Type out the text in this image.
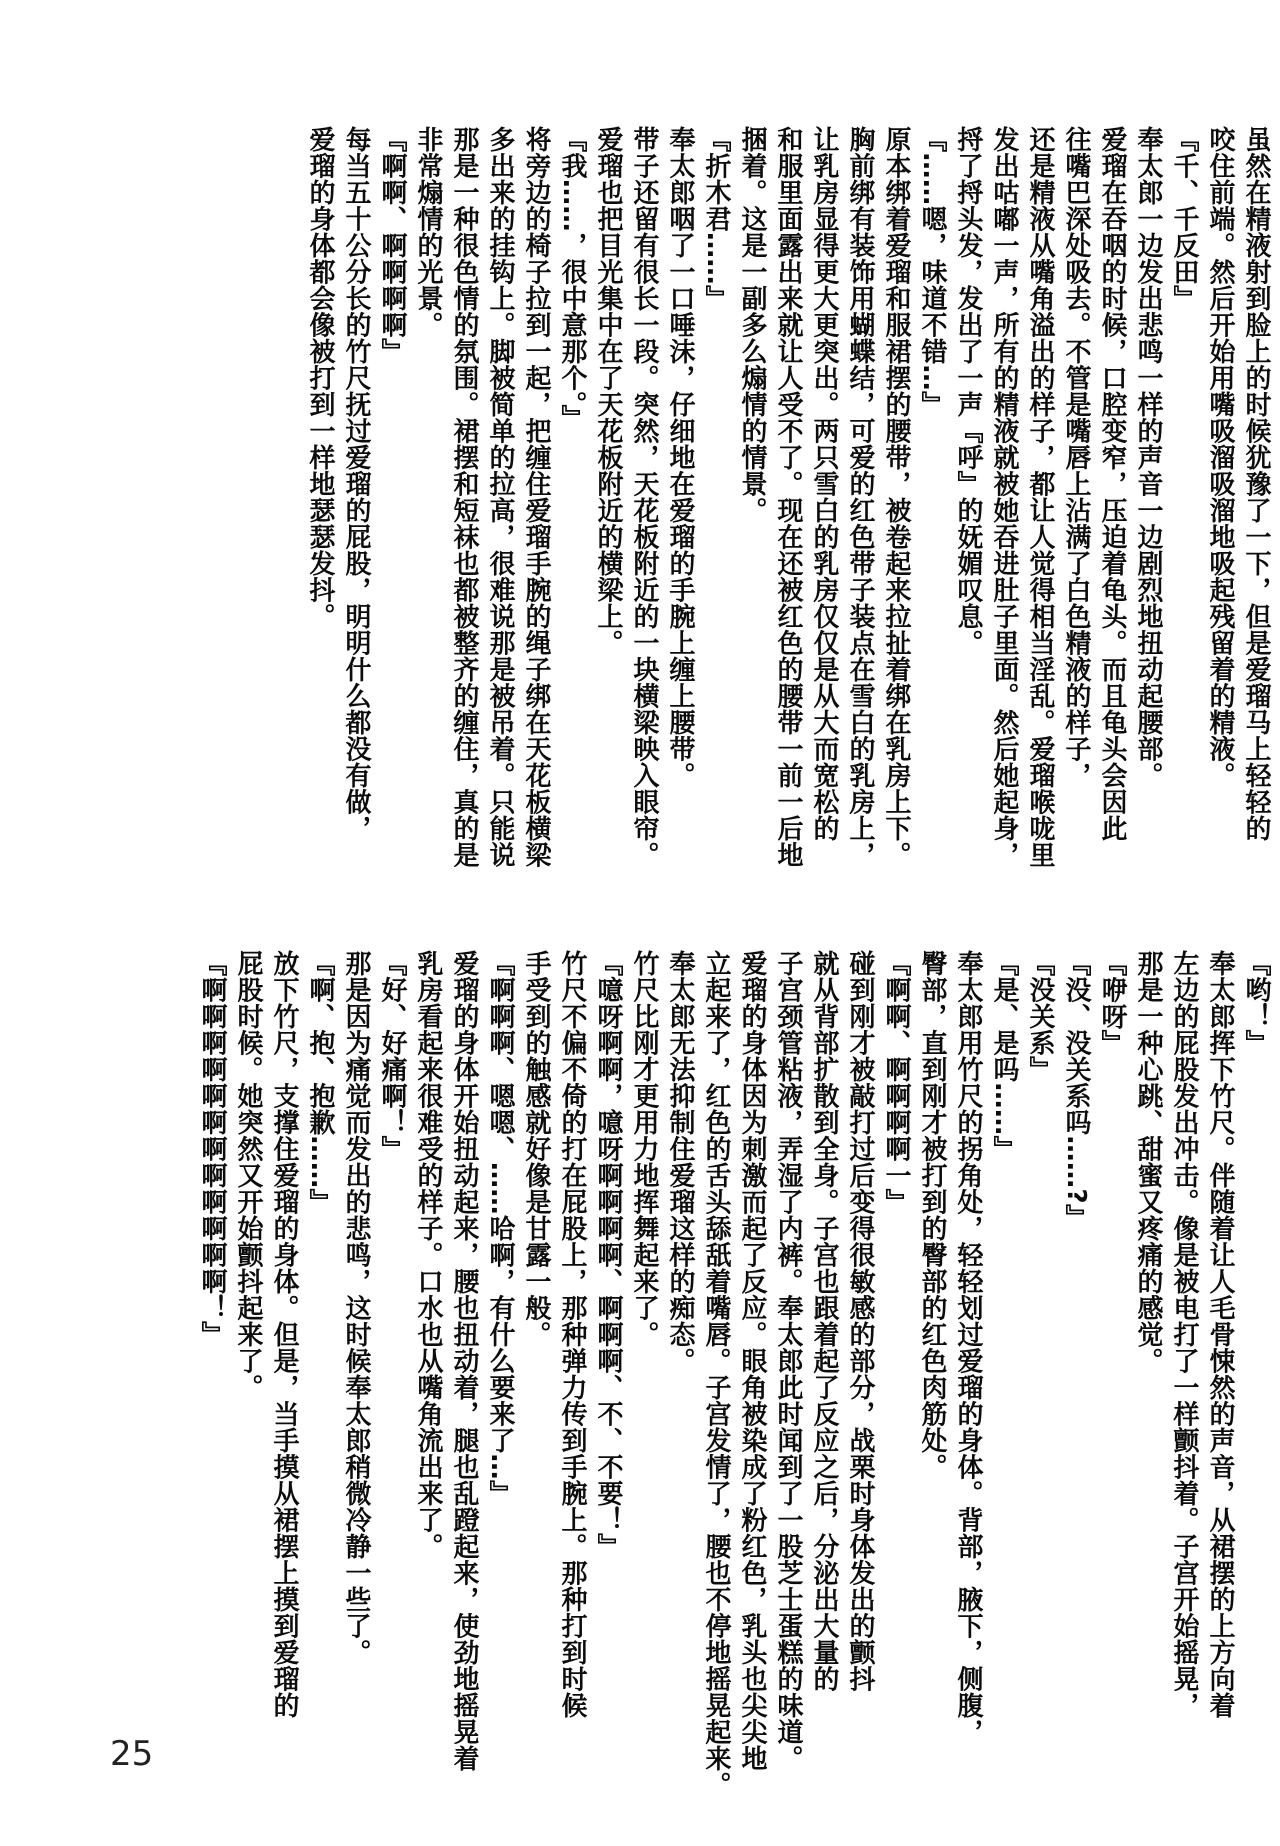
虽然在精液射到脸上的时候犹豫了一下，但是爱瑠马上轻轻的
咬住前端。然后开始用嘴吸溜吸溜地吸起残留着的精液。
『千、千反田』
奉太郎一边发出悲鸣一样的声音一边剧烈地扭动起腰部。
爱瑠在吞咽的时候，口腔变窄，压迫着龟头。而且龟头会因此
往嘴巴深处吸去。不管是嘴唇上沾满了白色精液的样子，
还是精液从嘴角溢出的样子，都让人觉得相当淫乱。爱瑠喉咙里
发出咕嘟一声，所有的精液就被她吞进肚子里面。然后她起身，
捋了捋头发，发出了一声『呼』的妩媚叹息。
『……嗯，味道不错…』
原本绑着爱瑠和服裙摆的腰带，被卷起来拉扯着绑在乳房上下。
胸前绑有装饰用蝴蝶结，可爱的红色带子装点在雪白的乳房上，
让乳房显得更大更突出。两只雪白的乳房仅仅是从大而宽松的
和服里面露出来就让人受不了。现在还被红色的腰带一前一后地
捆着。这是一副多么煽情的情景。
『折木君……』
奉太郎咽了一口唾沫，仔细地在爱瑠的手腕上缠上腰带。
带子还留有很长一段。突然，天花板附近的一块横梁映入眼帘。
爱瑠也把目光集中在了天花板附近的横梁上。
『我……，很中意那个。』
将旁边的椅子拉到一起，把缠住爱瑠手腕的绳子绑在天花板横梁
多出来的挂钩上。脚被简单的拉高，很难说那是被吊着。只能说
那是一种很色情的氛围。裙摆和短袜也都被整齐的缠住，真的是
非常煽情的光景。
『啊啊、啊啊啊啊』
每当五十公分长的竹尺抚过爱瑠的屁股，明明什么都没有做，
爱瑠的身体都会像被打到一样地瑟瑟发抖。
『哟！』
奉太郎挥下竹尺。伴随着让人毛骨悚然的声音，从裙摆的上方向着
左边的屁股发出冲击。像是被电打了一样颤抖着。子宫开始摇晃，
那是一种心跳、甜蜜又疼痛的感觉。
『咿呀』
『没、没关系吗……?』
『没关系』
『是、是吗……』
奉太郎用竹尺的拐角处，轻轻划过爱瑠的身体。背部，腋下，侧腹，
臀部，直到刚才被打到的臀部的红色肉筋处。
『啊啊、啊啊啊啊一』
碰到刚才被敲打过后变得很敏感的部分，战栗时身体发出的颤抖
就从背部扩散到全身。子宫也跟着起了反应之后，分泌出大量的
子宫颈管粘液，弄湿了内裤。奉太郎此时闻到了一股芝士蛋糕的味道。
爱瑠的身体因为刺激而起了反应。眼角被染成了粉红色，乳头也尖尖地
立起来了，红色的舌头舔舐着嘴唇。子宫发情了，腰也不停地摇晃起来。
奉太郎无法抑制住爱瑠这样的痴态。
竹尺比刚才更用力地挥舞起来了。
『噫呀啊啊，噫呀啊啊啊啊、啊啊啊、不、不要！』
竹尺不偏不倚的打在屁股上，那种弹力传到手腕上。那种打到时候
手受到的触感就好像是甘露一般。
『啊啊啊、嗯嗯、……哈啊，有什么要来了…』
爱瑠的身体开始扭动起来，腰也扭动着，腿也乱蹬起来，使劲地摇晃着
乳房看起来很难受的样子。口水也从嘴角流出来了。
『好、好痛啊！』
那是因为痛觉而发出的悲鸣，这时候奉太郎稍微冷静一些了。
『啊、抱、抱歉……』
放下竹尺，支撑住爱瑠的身体。但是，当手摸从裙摆上摸到爱瑠的
屁股时候。她突然又开始颤抖起来了。
『啊啊啊啊啊啊啊啊啊啊啊啊！』
25
